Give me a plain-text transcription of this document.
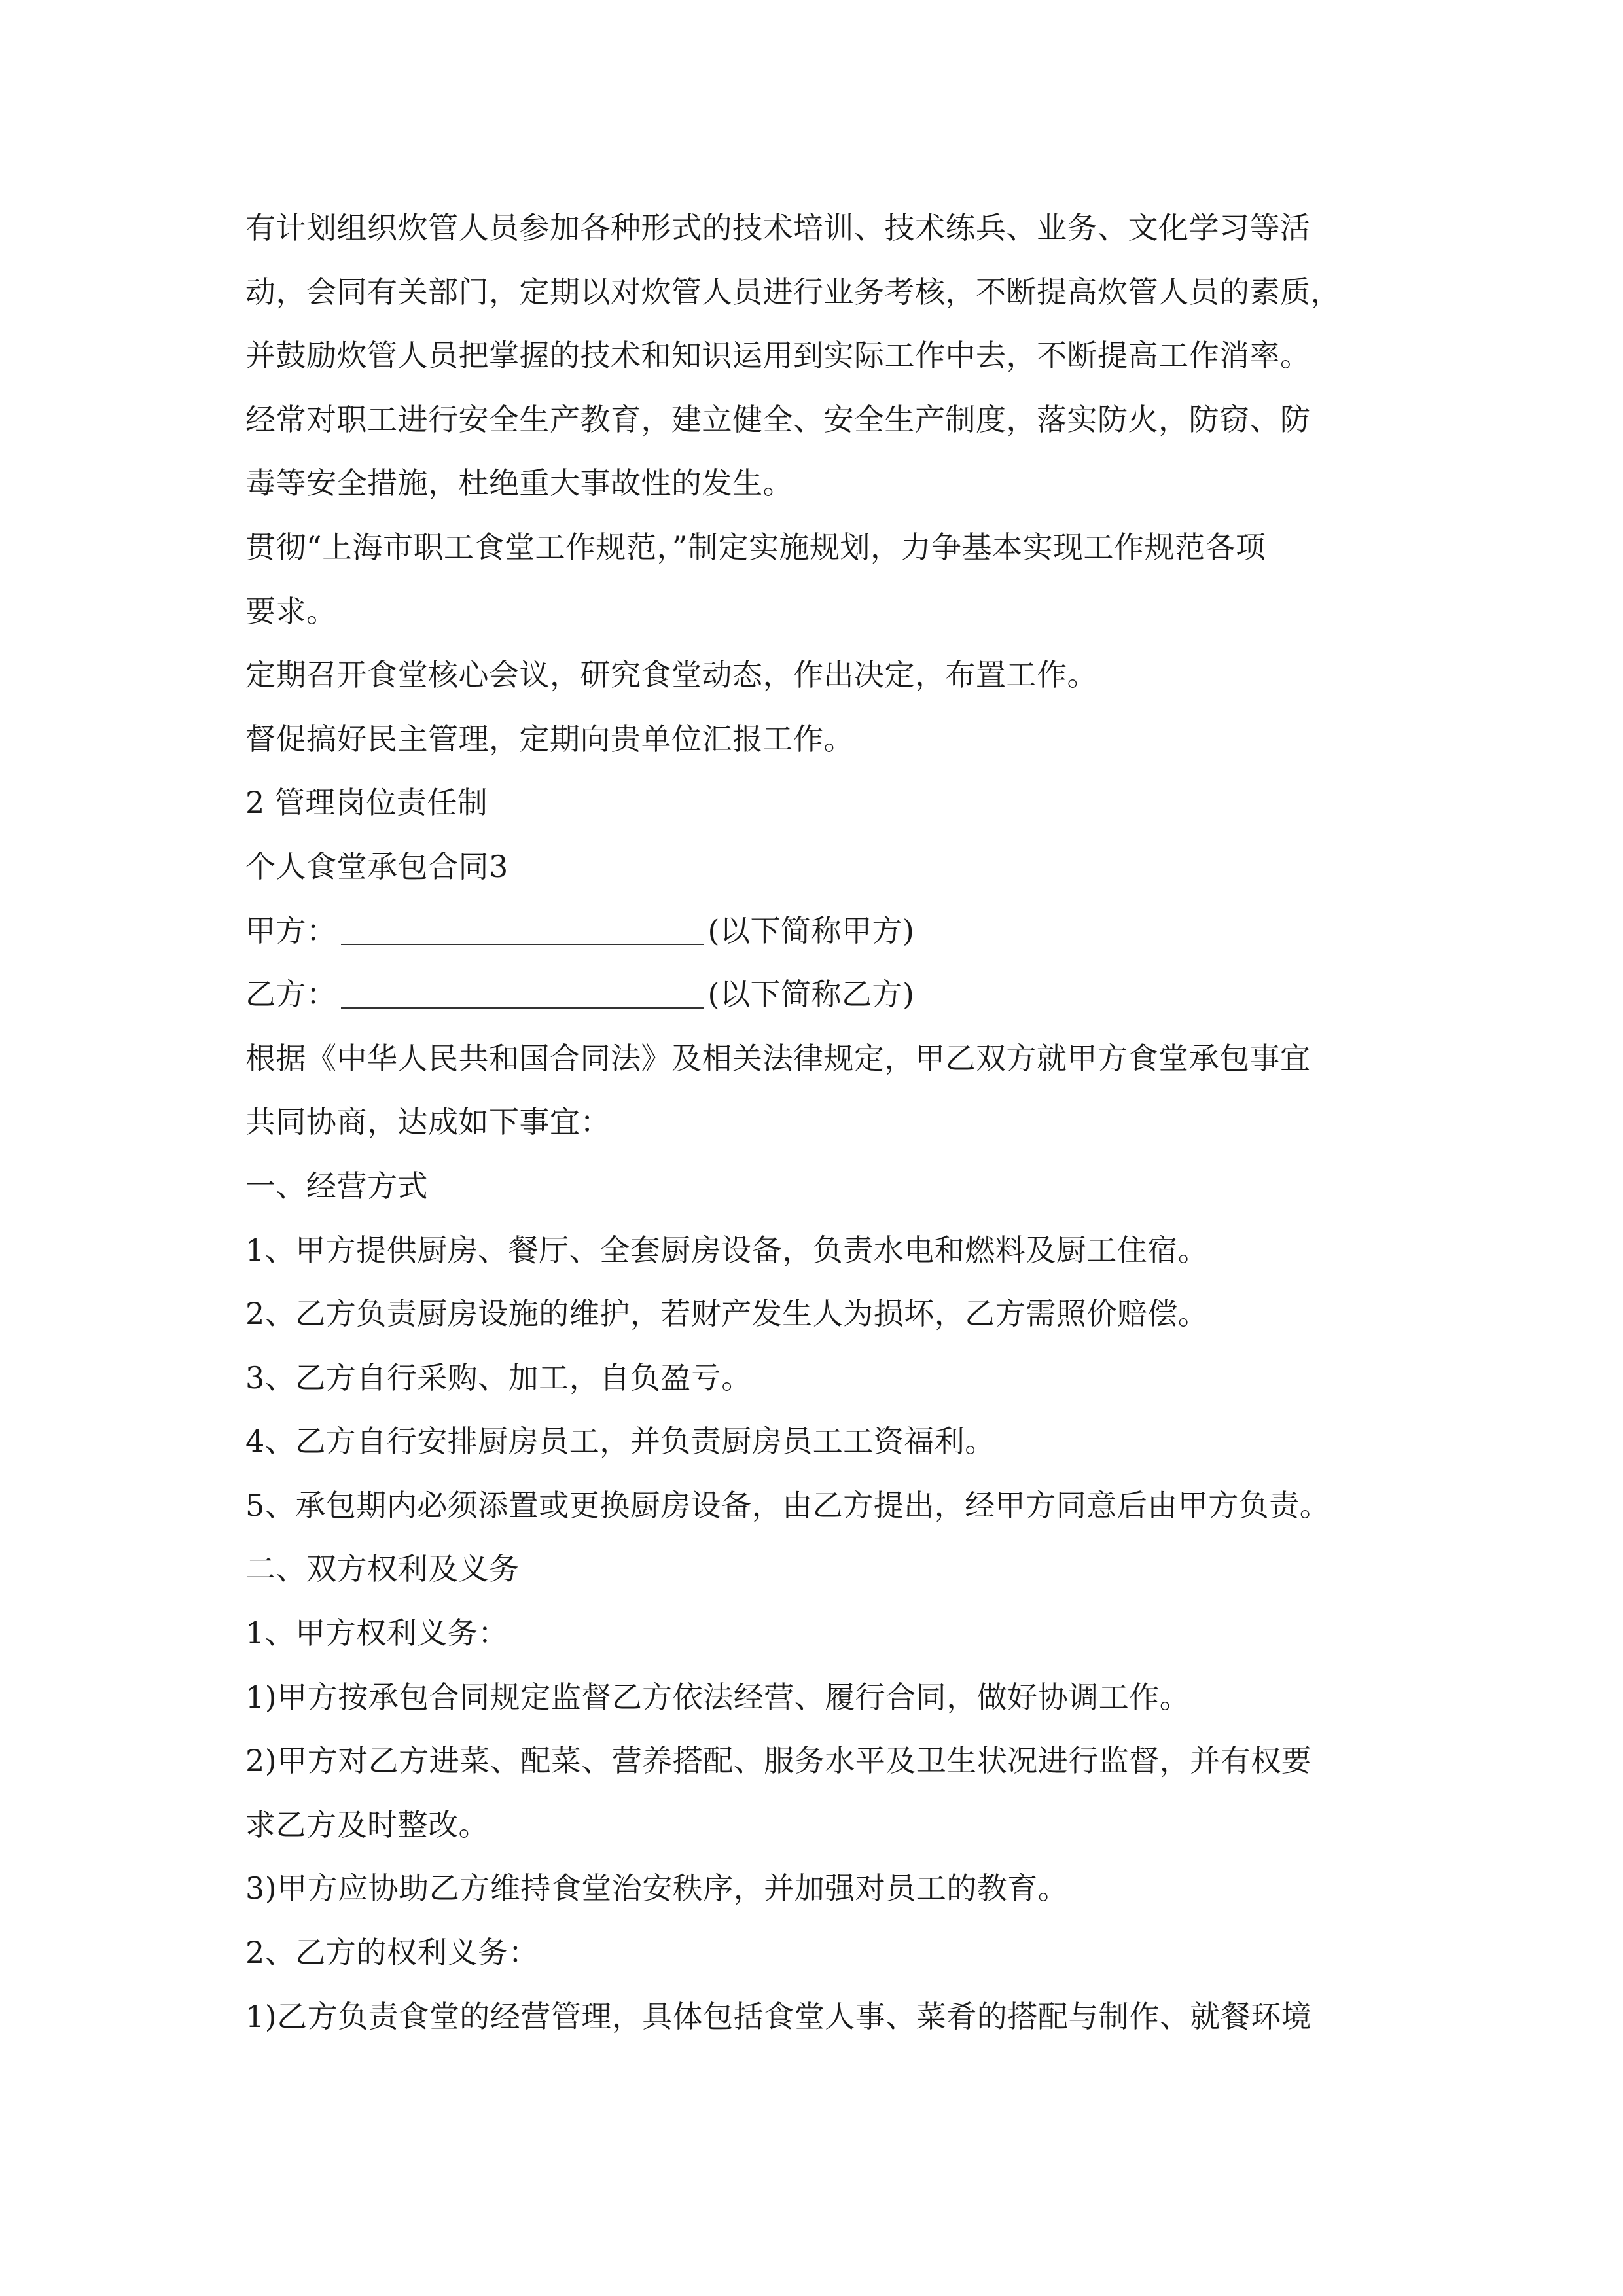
有计划组织炊管人员参加各种形式的技术培训、技术练兵、业务、文化学习等活
动，会同有关部门，定期以对炊管人员进行业务考核，不断提高炊管人员的素质，
并鼓励炊管人员把掌握的技术和知识运用到实际工作中去，不断提高工作消率。
经常对职工进行安全生产教育，建立健全、安全生产制度，落实防火，防窃、防
毒等安全措施，杜绝重大事故性的发生。
贯彻“上海市职工食堂工作规范，”制定实施规划，力争基本实现工作规范各项
要求。
定期召开食堂核心会议，研究食堂动态，作出决定，布置工作。
督促搞好民主管理，定期向贵单位汇报工作。
2 管理岗位责任制
个人食堂承包合同3
甲方：	(以下简称甲方)
乙方：	(以下简称乙方)
根据《中华人民共和国合同法》及相关法律规定，甲乙双方就甲方食堂承包事宜
共同协商，达成如下事宜：
一、经营方式
1、甲方提供厨房、餐厅、全套厨房设备，负责水电和燃料及厨工住宿。
2、乙方负责厨房设施的维护，若财产发生人为损坏，乙方需照价赔偿。
3、乙方自行采购、加工，自负盈亏。
4、乙方自行安排厨房员工，并负责厨房员工工资福利。
5、承包期内必须添置或更换厨房设备，由乙方提出，经甲方同意后由甲方负责。
二、双方权利及义务
1、甲方权利义务：
1)甲方按承包合同规定监督乙方依法经营、履行合同，做好协调工作。
2)甲方对乙方进菜、配菜、营养搭配、服务水平及卫生状况进行监督，并有权要
求乙方及时整改。
3)甲方应协助乙方维持食堂治安秩序，并加强对员工的教育。
2、乙方的权利义务：
1)乙方负责食堂的经营管理，具体包括食堂人事、菜肴的搭配与制作、就餐环境
